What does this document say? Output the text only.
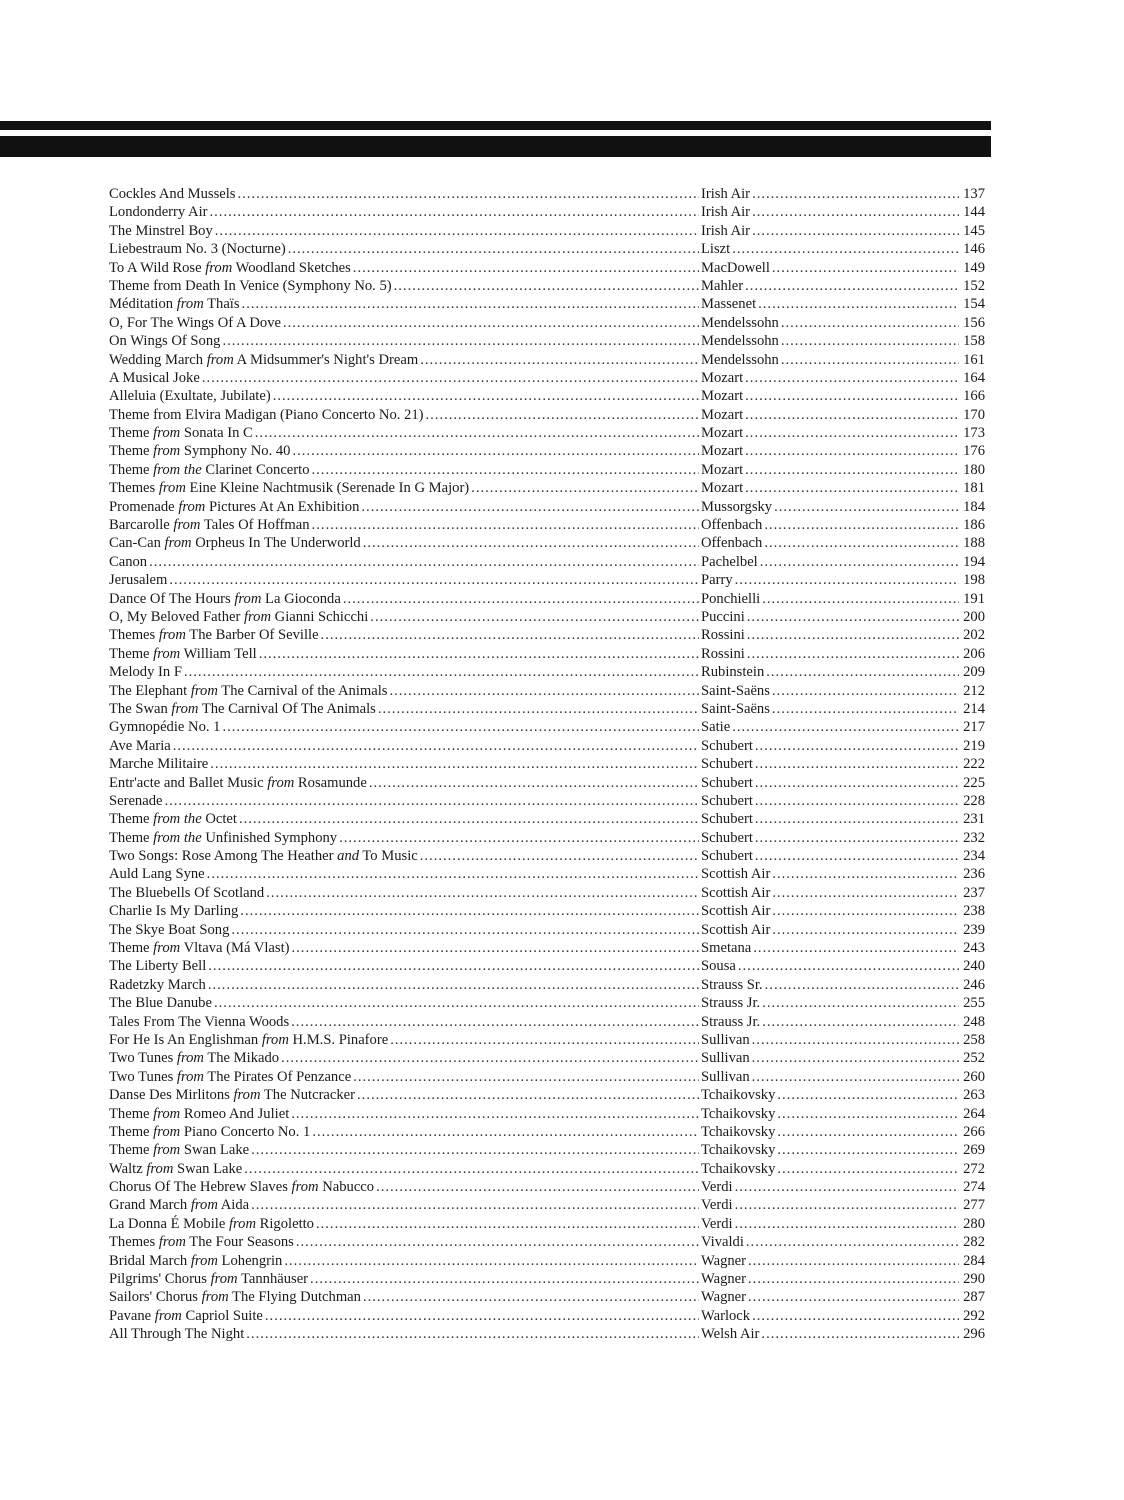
Cockles And Mussels .....	Irish Air .....	137
Londonderry Air .....	Irish Air .....	144
The Minstrel Boy .....	Irish Air .....	145
Liebestraum No. 3 (Nocturne) .....	Liszt .....	146
To A Wild Rose from Woodland Sketches .....	MacDowell .....	149
Theme from Death In Venice (Symphony No. 5) .....	Mahler .....	152
Méditation from Thaïs .....	Massenet .....	154
O, For The Wings Of A Dove .....	Mendelssohn .....	156
On Wings Of Song .....	Mendelssohn .....	158
Wedding March from A Midsummer's Night's Dream .....	Mendelssohn .....	161
A Musical Joke .....	Mozart .....	164
Alleluia (Exultate, Jubilate) .....	Mozart .....	166
Theme from Elvira Madigan (Piano Concerto No. 21) .....	Mozart .....	170
Theme from Sonata In C .....	Mozart .....	173
Theme from Symphony No. 40 .....	Mozart .....	176
Theme from the Clarinet Concerto .....	Mozart .....	180
Themes from Eine Kleine Nachtmusik (Serenade In G Major) .....	Mozart .....	181
Promenade from Pictures At An Exhibition .....	Mussorgsky .....	184
Barcarolle from Tales Of Hoffman .....	Offenbach .....	186
Can-Can from Orpheus In The Underworld .....	Offenbach .....	188
Canon .....	Pachelbel .....	194
Jerusalem .....	Parry .....	198
Dance Of The Hours from La Gioconda .....	Ponchielli .....	191
O, My Beloved Father from Gianni Schicchi .....	Puccini .....	200
Themes from The Barber Of Seville .....	Rossini .....	202
Theme from William Tell .....	Rossini .....	206
Melody In F .....	Rubinstein .....	209
The Elephant from The Carnival of the Animals .....	Saint-Saëns .....	212
The Swan from The Carnival Of The Animals .....	Saint-Saëns .....	214
Gymnopédie No. 1 .....	Satie .....	217
Ave Maria .....	Schubert .....	219
Marche Militaire .....	Schubert .....	222
Entr'acte and Ballet Music from Rosamunde .....	Schubert .....	225
Serenade .....	Schubert .....	228
Theme from the Octet .....	Schubert .....	231
Theme from the Unfinished Symphony .....	Schubert .....	232
Two Songs: Rose Among The Heather and To Music .....	Schubert .....	234
Auld Lang Syne .....	Scottish Air .....	236
The Bluebells Of Scotland .....	Scottish Air .....	237
Charlie Is My Darling .....	Scottish Air .....	238
The Skye Boat Song .....	Scottish Air .....	239
Theme from Vltava (Má Vlast) .....	Smetana .....	243
The Liberty Bell .....	Sousa .....	240
Radetzky March .....	Strauss Sr. .....	246
The Blue Danube .....	Strauss Jr. .....	255
Tales From The Vienna Woods .....	Strauss Jr. .....	248
For He Is An Englishman from H.M.S. Pinafore .....	Sullivan .....	258
Two Tunes from The Mikado .....	Sullivan .....	252
Two Tunes from The Pirates Of Penzance .....	Sullivan .....	260
Danse Des Mirlitons from The Nutcracker .....	Tchaikovsky .....	263
Theme from Romeo And Juliet .....	Tchaikovsky .....	264
Theme from Piano Concerto No. 1 .....	Tchaikovsky .....	266
Theme from Swan Lake .....	Tchaikovsky .....	269
Waltz from Swan Lake .....	Tchaikovsky .....	272
Chorus Of The Hebrew Slaves from Nabucco .....	Verdi .....	274
Grand March from Aida .....	Verdi .....	277
La Donna É Mobile from Rigoletto .....	Verdi .....	280
Themes from The Four Seasons .....	Vivaldi .....	282
Bridal March from Lohengrin .....	Wagner .....	284
Pilgrims' Chorus from Tannhäuser .....	Wagner .....	290
Sailors' Chorus from The Flying Dutchman .....	Wagner .....	287
Pavane from Capriol Suite .....	Warlock .....	292
All Through The Night .....	Welsh Air .....	296
